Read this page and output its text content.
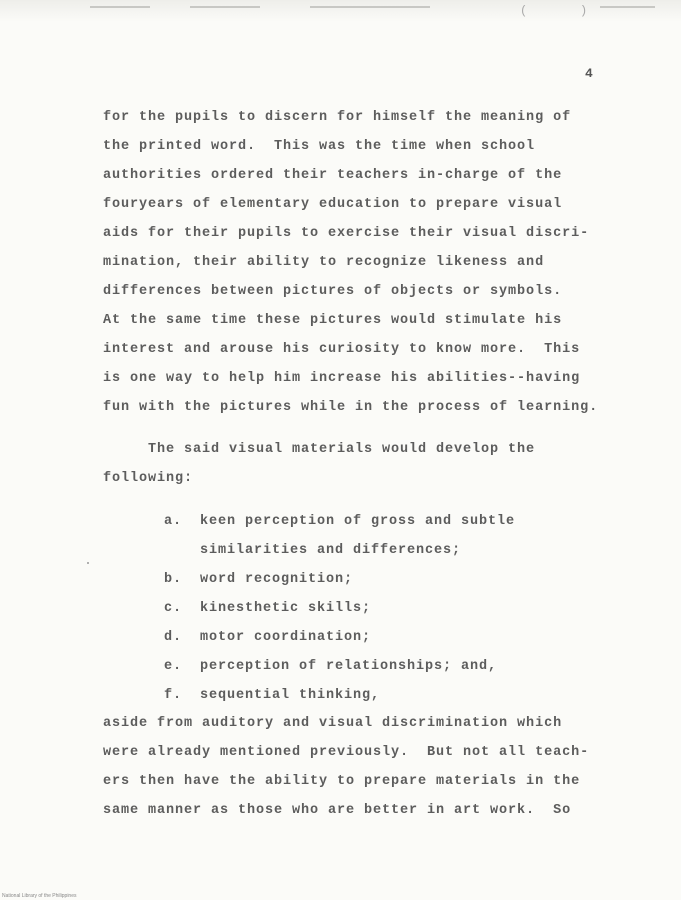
(	)
4
for the pupils to discern for himself the meaning of
the printed word.  This was the time when school
authorities ordered their teachers in-charge of the
fouryears of elementary education to prepare visual
aids for their pupils to exercise their visual discri-
mination, their ability to recognize likeness and
differences between pictures of objects or symbols.
At the same time these pictures would stimulate his
interest and arouse his curiosity to know more.  This
is one way to help him increase his abilities--having
fun with the pictures while in the process of learning.
The said visual materials would develop the
following:
a. keen perception of gross and subtle
similarities and differences;
b. word recognition;
c. kinesthetic skills;
d. motor coordination;
e. perception of relationships; and,
f. sequential thinking,
aside from auditory and visual discrimination which
were already mentioned previously.  But not all teach-
ers then have the ability to prepare materials in the
same manner as those who are better in art work.  So
National Library of the Philippines
